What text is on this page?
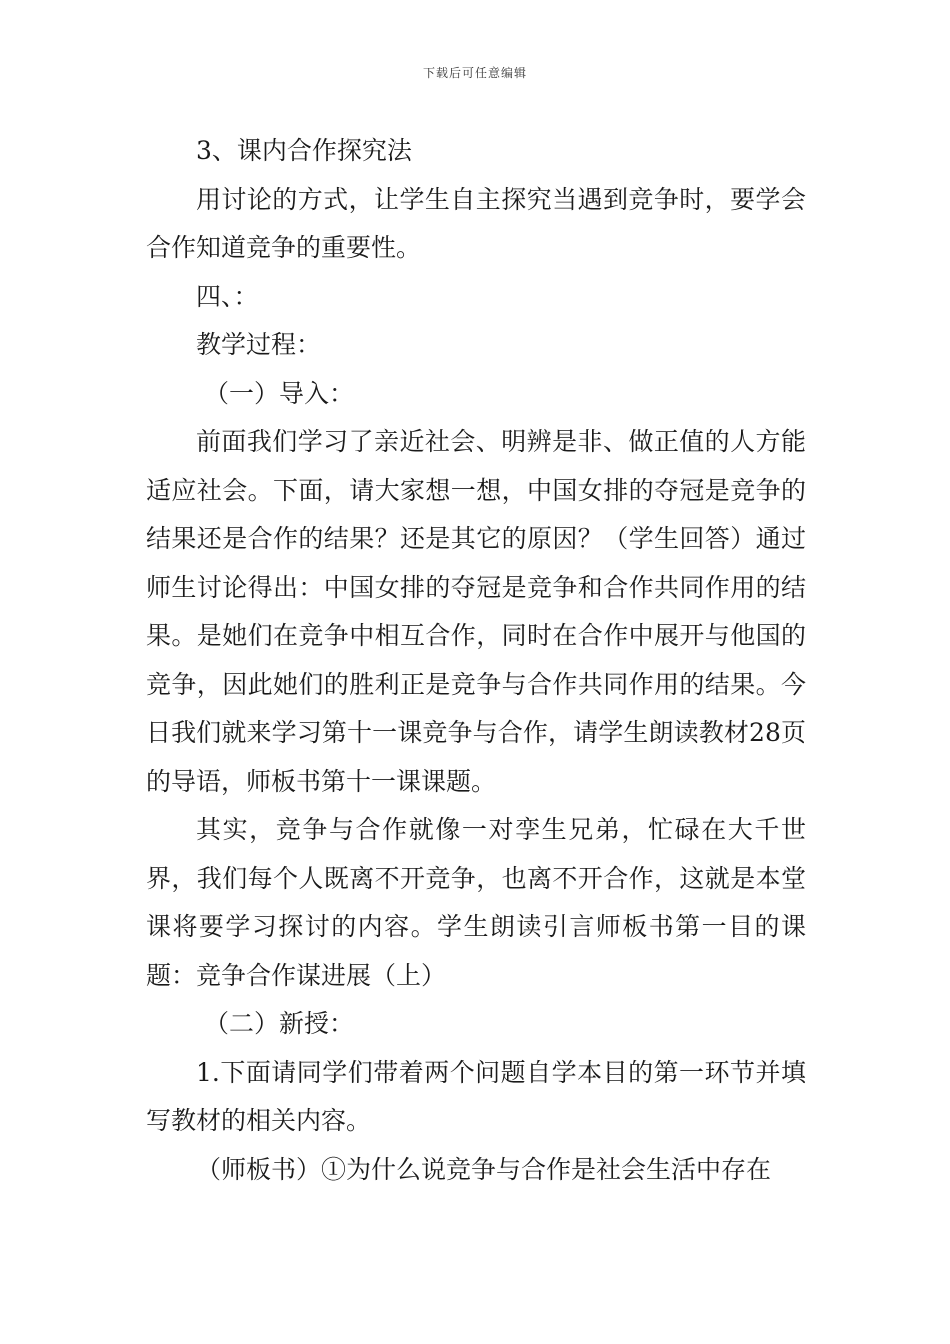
下载后可任意编辑

3、课内合作探究法

用讨论的方式，让学生自主探究当遇到竞争时，要学会合作知道竞争的重要性。

四、：

教学过程：

（一）导入：

前面我们学习了亲近社会、明辨是非、做正值的人方能适应社会。下面，请大家想一想，中国女排的夺冠是竞争的结果还是合作的结果？还是其它的原因？（学生回答）通过师生讨论得出：中国女排的夺冠是竞争和合作共同作用的结果。是她们在竞争中相互合作，同时在合作中展开与他国的竞争，因此她们的胜利正是竞争与合作共同作用的结果。今日我们就来学习第十一课竞争与合作，请学生朗读教材28页的导语，师板书第十一课课题。

其实，竞争与合作就像一对孪生兄弟，忙碌在大千世界，我们每个人既离不开竞争，也离不开合作，这就是本堂课将要学习探讨的内容。学生朗读引言师板书第一目的课题：竞争合作谋进展（上）

（二）新授：

1.下面请同学们带着两个问题自学本目的第一环节并填写教材的相关内容。

（师板书）①为什么说竞争与合作是社会生活中存在
